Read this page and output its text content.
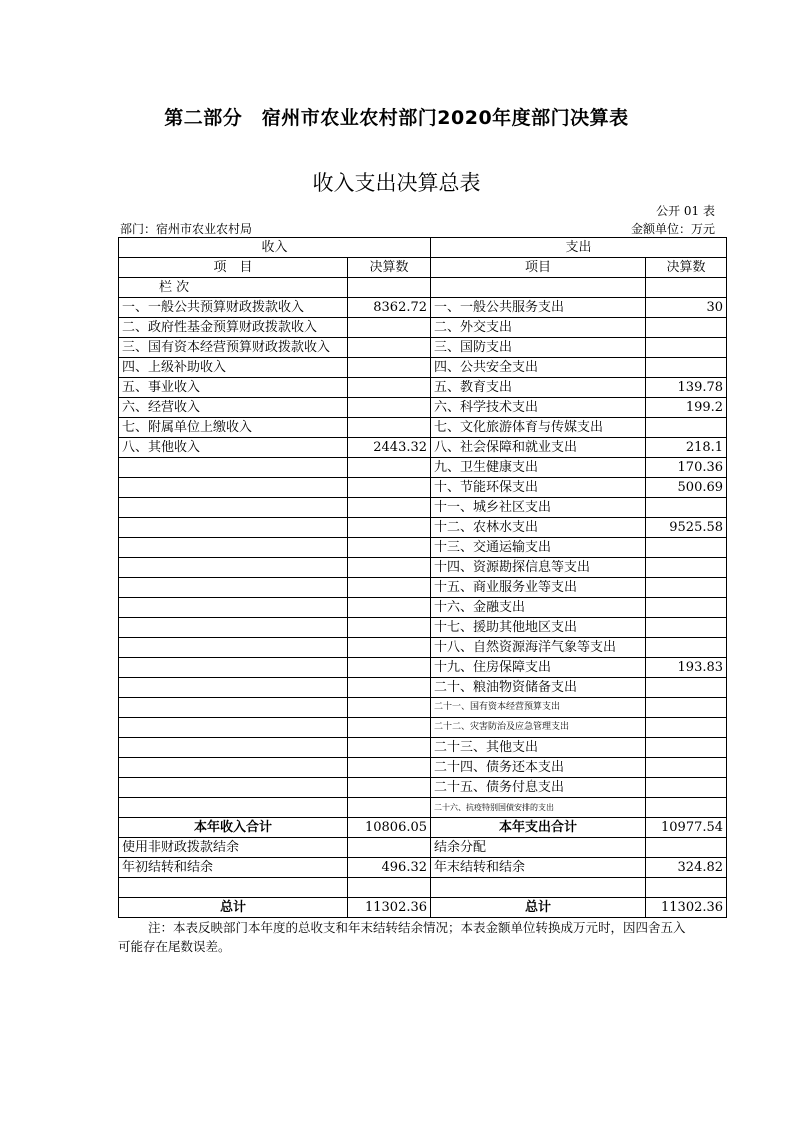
第二部分　宿州市农业农村部门2020年度部门决算表
收入支出决算总表
公开 01 表
部门：宿州市农业农村局	金额单位：万元
收入		支出	
项　目	决算数	项目	决算数
栏 次			
一、一般公共预算财政拨款收入	8362.72	一、一般公共服务支出	30
二、政府性基金预算财政拨款收入		二、外交支出	
三、国有资本经营预算财政拨款收入		三、国防支出	
四、上级补助收入		四、公共安全支出	
五、事业收入		五、教育支出	139.78
六、经营收入		六、科学技术支出	199.2
七、附属单位上缴收入		七、文化旅游体育与传媒支出	
八、其他收入	2443.32	八、社会保障和就业支出	218.1
		九、卫生健康支出	170.36
		十、节能环保支出	500.69
		十一、城乡社区支出	
		十二、农林水支出	9525.58
		十三、交通运输支出	
		十四、资源勘探信息等支出	
		十五、商业服务业等支出	
		十六、金融支出	
		十七、援助其他地区支出	
		十八、自然资源海洋气象等支出	
		十九、住房保障支出	193.83
		二十、粮油物资储备支出	
		二十一、国有资本经营预算支出	
		二十二、灾害防治及应急管理支出	
		二十三、其他支出	
		二十四、债务还本支出	
		二十五、债务付息支出	
		二十六、抗疫特别国债安排的支出	
本年收入合计	10806.05	本年支出合计	10977.54
使用非财政拨款结余		结余分配	
年初结转和结余	496.32	年末结转和结余	324.82

总计	11302.36	总计	11302.36
注：本表反映部门本年度的总收支和年末结转结余情况；本表金额单位转换成万元时，因四舍五入可能存在尾数误差。
